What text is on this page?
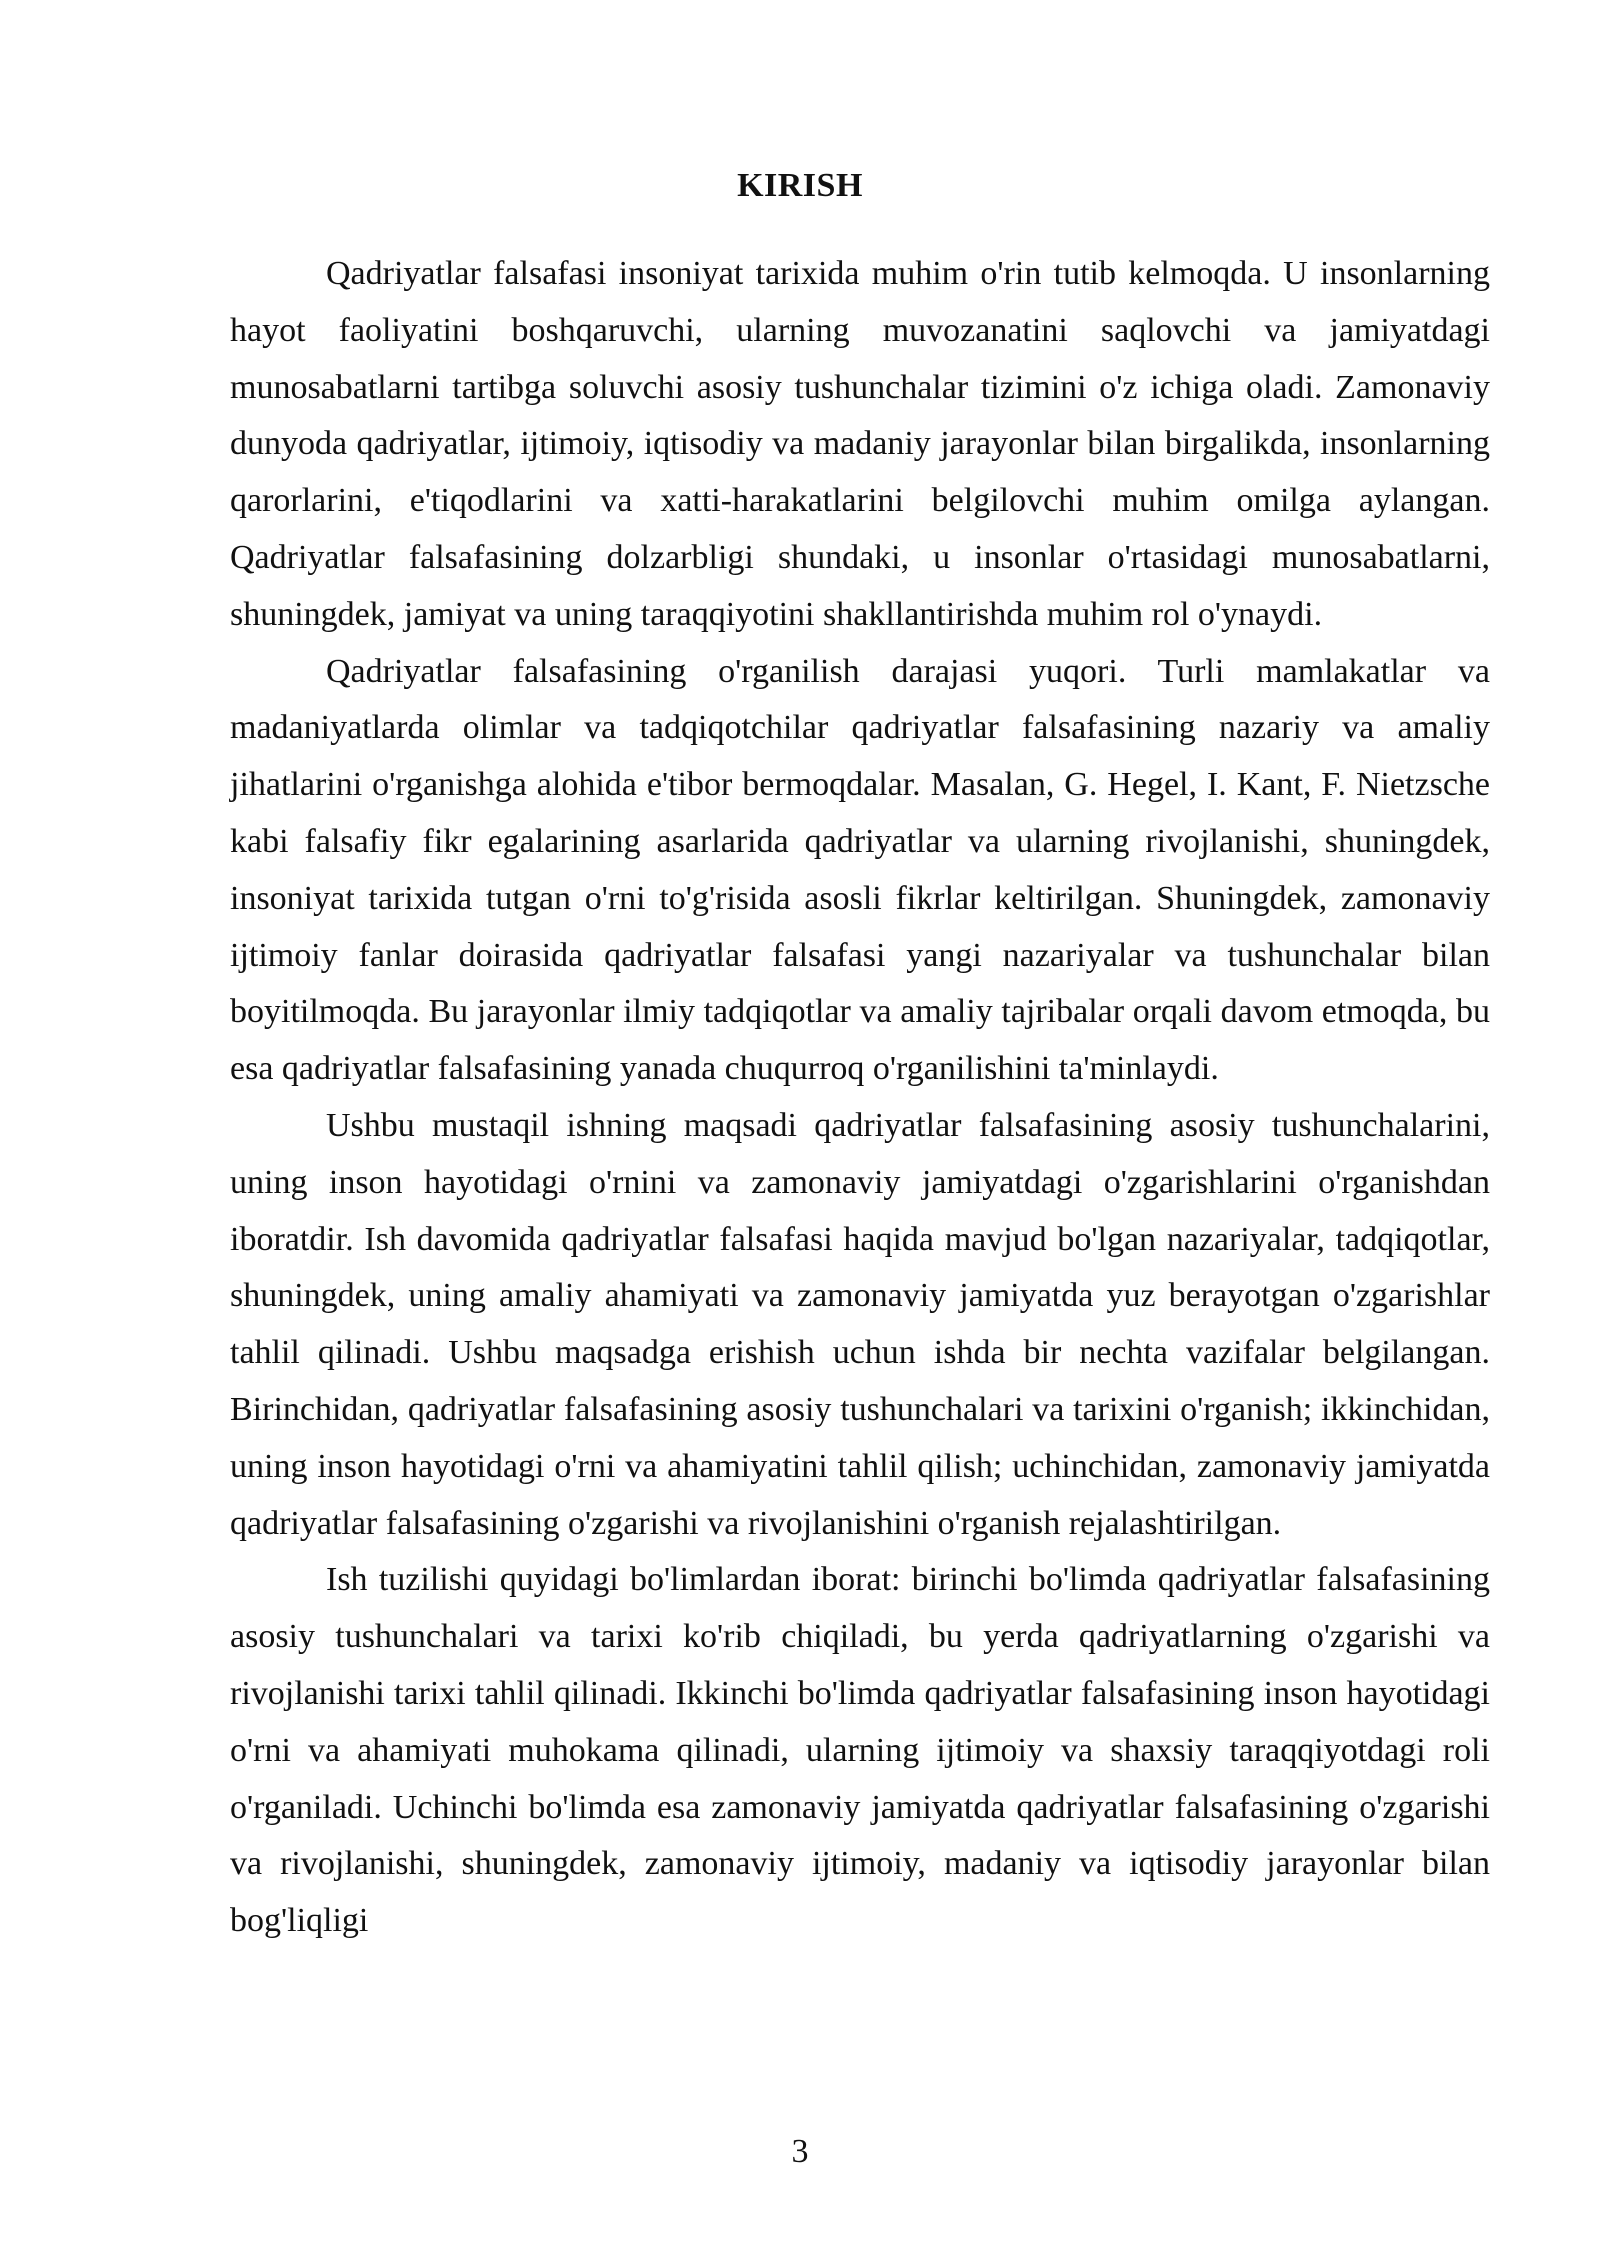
KIRISH

Qadriyatlar falsafasi insoniyat tarixida muhim o'rin tutib kelmoqda. U insonlarning hayot faoliyatini boshqaruvchi, ularning muvozanatini saqlovchi va jamiyatdagi munosabatlarni tartibga soluvchi asosiy tushunchalar tizimini o'z ichiga oladi. Zamonaviy dunyoda qadriyatlar, ijtimoiy, iqtisodiy va madaniy jarayonlar bilan birgalikda, insonlarning qarorlarini, e'tiqodlarini va xatti-harakatlarini belgilovchi muhim omilga aylangan. Qadriyatlar falsafasining dolzarbligi shundaki, u insonlar o'rtasidagi munosabatlarni, shuningdek, jamiyat va uning taraqqiyotini shakllantirishda muhim rol o'ynaydi.

Qadriyatlar falsafasining o'rganilish darajasi yuqori. Turli mamlakatlar va madaniyatlarda olimlar va tadqiqotchilar qadriyatlar falsafasining nazariy va amaliy jihatlarini o'rganishga alohida e'tibor bermoqdalar. Masalan, G. Hegel, I. Kant, F. Nietzsche kabi falsafiy fikr egalarining asarlarida qadriyatlar va ularning rivojlanishi, shuningdek, insoniyat tarixida tutgan o'rni to'g'risida asosli fikrlar keltirilgan. Shuningdek, zamonaviy ijtimoiy fanlar doirasida qadriyatlar falsafasi yangi nazariyalar va tushunchalar bilan boyitilmoqda. Bu jarayonlar ilmiy tadqiqotlar va amaliy tajribalar orqali davom etmoqda, bu esa qadriyatlar falsafasining yanada chuqurroq o'rganilishini ta'minlaydi.

Ushbu mustaqil ishning maqsadi qadriyatlar falsafasining asosiy tushunchalarini, uning inson hayotidagi o'rnini va zamonaviy jamiyatdagi o'zgarishlarini o'rganishdan iboratdir. Ish davomida qadriyatlar falsafasi haqida mavjud bo'lgan nazariyalar, tadqiqotlar, shuningdek, uning amaliy ahamiyati va zamonaviy jamiyatda yuz berayotgan o'zgarishlar tahlil qilinadi. Ushbu maqsadga erishish uchun ishda bir nechta vazifalar belgilangan. Birinchidan, qadriyatlar falsafasining asosiy tushunchalari va tarixini o'rganish; ikkinchidan, uning inson hayotidagi o'rni va ahamiyatini tahlil qilish; uchinchidan, zamonaviy jamiyatda qadriyatlar falsafasining o'zgarishi va rivojlanishini o'rganish rejalashtirilgan.

Ish tuzilishi quyidagi bo'limlardan iborat: birinchi bo'limda qadriyatlar falsafasining asosiy tushunchalari va tarixi ko'rib chiqiladi, bu yerda qadriyatlarning o'zgarishi va rivojlanishi tarixi tahlil qilinadi. Ikkinchi bo'limda qadriyatlar falsafasining inson hayotidagi o'rni va ahamiyati muhokama qilinadi, ularning ijtimoiy va shaxsiy taraqqiyotdagi roli o'rganiladi. Uchinchi bo'limda esa zamonaviy jamiyatda qadriyatlar falsafasining o'zgarishi va rivojlanishi, shuningdek, zamonaviy ijtimoiy, madaniy va iqtisodiy jarayonlar bilan bog'liqligi

3
